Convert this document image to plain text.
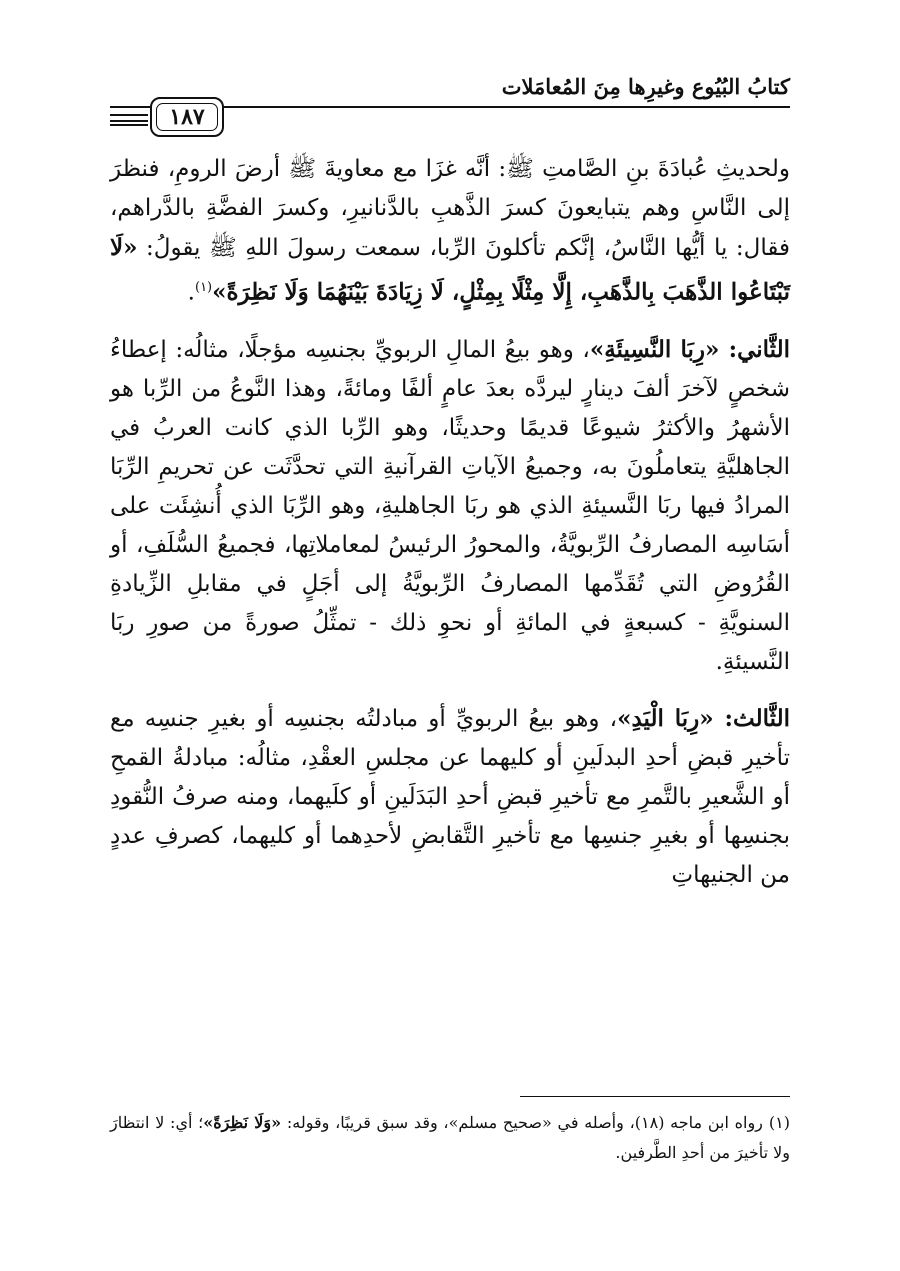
كتابُ البُيُوع وغيرِها مِنَ المُعامَلات
١٨٧

ولحديثِ عُبادَةَ بنِ الصَّامتِ ﷺ: أنَّه غزَا مع معاويةَ ﷺ أرضَ الرومِ، فنظرَ إلى النَّاسِ وهم يتبايعونَ كسرَ الذَّهبِ بالدَّنانيرِ، وكسرَ الفضَّةِ بالدَّراهم، فقال: يا أيُّها النَّاسُ، إنَّكم تأكلونَ الرِّبا، سمعت رسولَ اللهِ ﷺ يقولُ: «لَا تَبْتَاعُوا الذَّهَبَ بِالذَّهَبِ، إِلَّا مِثْلًا بِمِثْلٍ، لَا زِيَادَةَ بَيْنَهُمَا وَلَا نَظِرَةً»$^{(١)}$.

الثَّاني: «رِبَا النَّسِيئَةِ»، وهو بيعُ المالِ الربويِّ بجنسِه مؤجلًا، مثالُه: إعطاءُ شخصٍ لآخرَ ألفَ دينارٍ ليردَّه بعدَ عامٍ ألفًا ومائةً، وهذا النَّوعُ من الرِّبا هو الأشهرُ والأكثرُ شيوعًا قديمًا وحديثًا، وهو الرِّبا الذي كانت العربُ في الجاهليَّةِ يتعاملُونَ به، وجميعُ الآياتِ القرآنيةِ التي تحدَّثَت عن تحريمِ الرِّبَا المرادُ فيها ربَا النَّسيئةِ الذي هو ربَا الجاهليةِ، وهو الرِّبَا الذي أُنشِئَت على أسَاسِه المصارفُ الرِّبويَّةُ، والمحورُ الرئيسُ لمعاملاتِها، فجميعُ السُّلَفِ، أو القُرُوضِ التي تُقَدِّمها المصارفُ الرِّبويَّةُ إلى أجَلٍ في مقابلِ الزِّيادةِ السنويَّةِ - كسبعةٍ في المائةِ أو نحوِ ذلك - تمثِّلُ صورةً من صورِ ربَا النَّسيئةِ.

الثَّالث: «رِبَا الْيَدِ»، وهو بيعُ الربويِّ أو مبادلتُه بجنسِه أو بغيرِ جنسِه مع تأخيرِ قبضِ أحدِ البدلَينِ أو كليهما عن مجلسِ العقْدِ، مثالُه: مبادلةُ القمحِ أو الشَّعيرِ بالتَّمرِ مع تأخيرِ قبضِ أحدِ البَدَلَينِ أو كلَيهما، ومنه صرفُ النُّقودِ بجنسِها أو بغيرِ جنسِها مع تأخيرِ التَّقابضِ لأحدِهما أو كليهما، كصرفِ عددٍ من الجنيهاتِ

(١)رواه ابن ماجه (١٨)، وأصله في «صحيح مسلم»، وقد سبق قريبًا، وقوله: «وَلَا نَظِرَةً»؛ أي: لا انتظارَ ولا تأخيرَ من أحدِ الطَّرفين.
